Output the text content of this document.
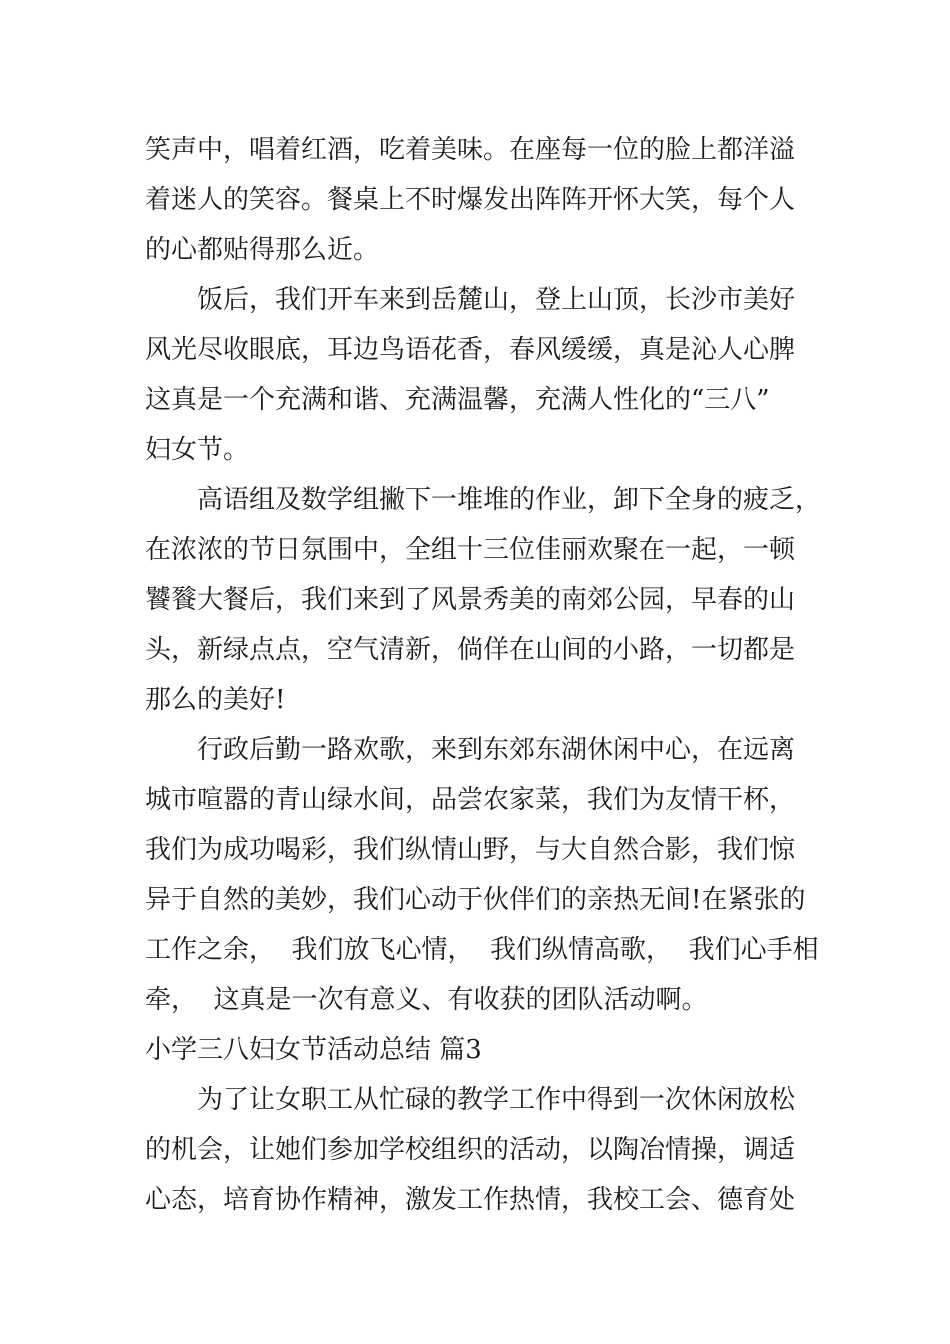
笑声中，唱着红酒，吃着美味。在座每一位的脸上都洋溢
着迷人的笑容。餐桌上不时爆发出阵阵开怀大笑，每个人
的心都贴得那么近。
饭后，我们开车来到岳麓山，登上山顶，长沙市美好
风光尽收眼底，耳边鸟语花香，春风缓缓，真是沁人心脾
这真是一个充满和谐、充满温馨，充满人性化的“三八”
妇女节。
高语组及数学组撇下一堆堆的作业，卸下全身的疲乏，
在浓浓的节日氛围中，全组十三位佳丽欢聚在一起，一顿
饕餮大餐后，我们来到了风景秀美的南郊公园，早春的山
头，新绿点点，空气清新，倘佯在山间的小路，一切都是
那么的美好!
行政后勤一路欢歌，来到东郊东湖休闲中心，在远离
城市喧嚣的青山绿水间，品尝农家菜，我们为友情干杯，
我们为成功喝彩，我们纵情山野，与大自然合影，我们惊
异于自然的美妙，我们心动于伙伴们的亲热无间!在紧张的
工作之余，  我们放飞心情，  我们纵情高歌，  我们心手相
牵，  这真是一次有意义、有收获的团队活动啊。
小学三八妇女节活动总结 篇3
为了让女职工从忙碌的教学工作中得到一次休闲放松
的机会，让她们参加学校组织的活动，以陶冶情操，调适
心态，培育协作精神，激发工作热情，我校工会、德育处
